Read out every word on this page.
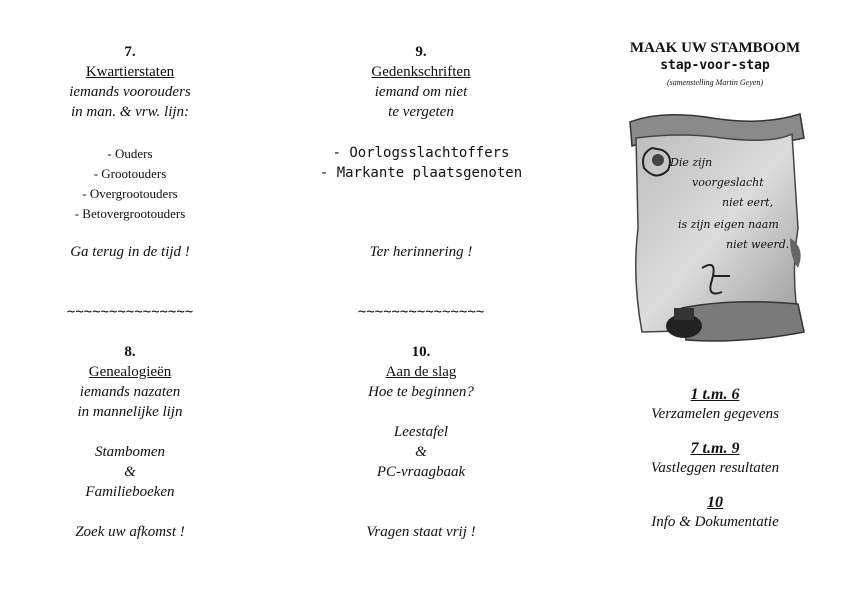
7.
Kwartierstaten
iemands voorouders
in man. & vrw. lijn:
- Ouders
- Grootouders
- Overgrootouders
- Betovergrootouders
Ga terug in de tijd !
~~~~~~~~~~~~~~~
8.
Genealogieën
iemands nazaten
in mannelijke lijn
Stambomen
&
Familieboeken
Zoek uw afkomst !
9.
Gedenkschriften
iemand om niet
te vergeten
- Oorlogsslachtoffers
- Markante plaatsgenoten
Ter herinnering !
~~~~~~~~~~~~~~~
10.
Aan de slag
Hoe te beginnen?
Leestafel
&
PC-vraagbaak
Vragen staat vrij !
MAAK UW STAMBOOM
stap-voor-stap
(samenstelling Martin Geyen)
1 t.m. 6
Verzamelen gegevens
7 t.m. 9
Vastleggen resultaten
10
Info & Dokumentatie
Die zijn
voorgeslacht
niet eert,
is zijn eigen naam
niet weerd.
